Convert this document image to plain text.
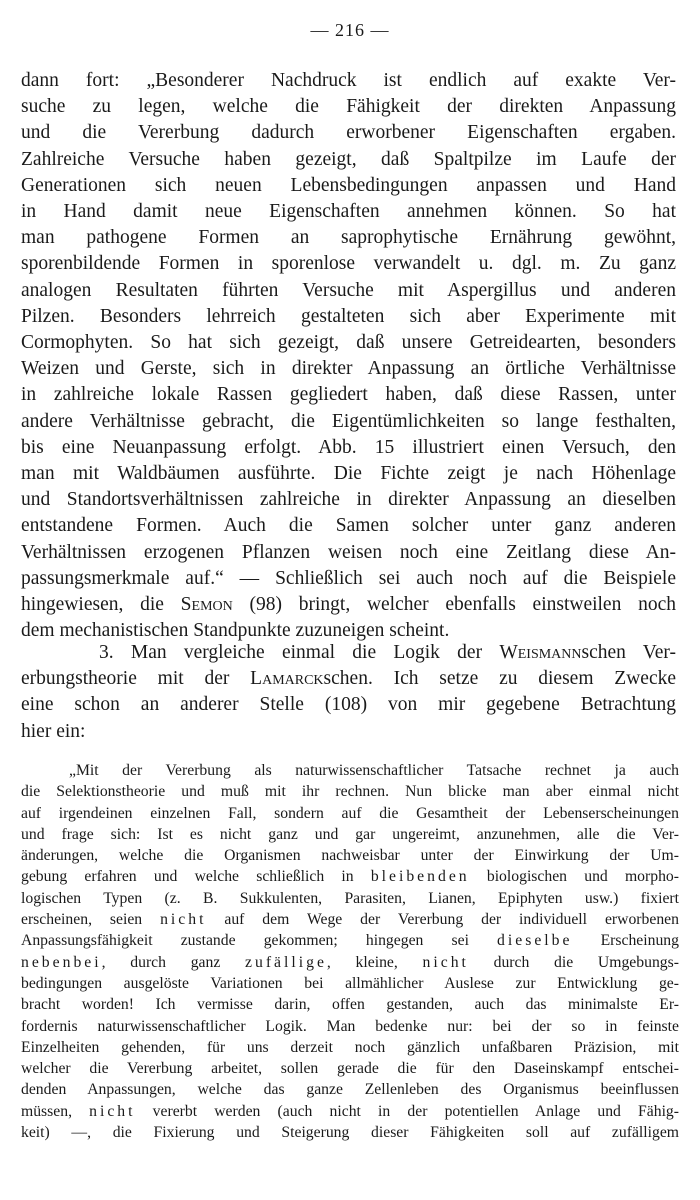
— 216 —
dann fort: „Besonderer Nachdruck ist endlich auf exakte Ver-
suche zu legen, welche die Fähigkeit der direkten Anpassung
und die Vererbung dadurch erworbener Eigenschaften ergaben.
Zahlreiche Versuche haben gezeigt, daß Spaltpilze im Laufe der
Generationen sich neuen Lebensbedingungen anpassen und Hand
in Hand damit neue Eigenschaften annehmen können. So hat
man pathogene Formen an saprophytische Ernährung gewöhnt,
sporenbildende Formen in sporenlose verwandelt u. dgl. m. Zu ganz
analogen Resultaten führten Versuche mit Aspergillus und anderen
Pilzen. Besonders lehrreich gestalteten sich aber Experimente mit
Cormophyten. So hat sich gezeigt, daß unsere Getreidearten, besonders
Weizen und Gerste, sich in direkter Anpassung an örtliche Verhältnisse
in zahlreiche lokale Rassen gegliedert haben, daß diese Rassen, unter
andere Verhältnisse gebracht, die Eigentümlichkeiten so lange festhalten,
bis eine Neuanpassung erfolgt. Abb. 15 illustriert einen Versuch, den
man mit Waldbäumen ausführte. Die Fichte zeigt je nach Höhenlage
und Standortsverhältnissen zahlreiche in direkter Anpassung an dieselben
entstandene Formen. Auch die Samen solcher unter ganz anderen
Verhältnissen erzogenen Pflanzen weisen noch eine Zeitlang diese An-
passungsmerkmale auf.“ — Schließlich sei auch noch auf die Beispiele
hingewiesen, die Semon (98) bringt, welcher ebenfalls einstweilen noch
dem mechanistischen Standpunkte zuzuneigen scheint.
3. Man vergleiche einmal die Logik der Weismannschen Ver-
erbungstheorie mit der Lamarckschen. Ich setze zu diesem Zwecke
eine schon an anderer Stelle (108) von mir gegebene Betrachtung
hier ein:
„Mit der Vererbung als naturwissenschaftlicher Tatsache rechnet ja auch
die Selektionstheorie und muß mit ihr rechnen. Nun blicke man aber einmal nicht
auf irgendeinen einzelnen Fall, sondern auf die Gesamtheit der Lebenserscheinungen
und frage sich: Ist es nicht ganz und gar ungereimt, anzunehmen, alle die Ver-
änderungen, welche die Organismen nachweisbar unter der Einwirkung der Um-
gebung erfahren und welche schließlich in bleibenden biologischen und morpho-
logischen Typen (z. B. Sukkulenten, Parasiten, Lianen, Epiphyten usw.) fixiert
erscheinen, seien nicht auf dem Wege der Vererbung der individuell erworbenen
Anpassungsfähigkeit zustande gekommen; hingegen sei dieselbe Erscheinung
nebenbei, durch ganz zufällige, kleine, nicht durch die Umgebungs-
bedingungen ausgelöste Variationen bei allmählicher Auslese zur Entwicklung ge-
bracht worden! Ich vermisse darin, offen gestanden, auch das minimalste Er-
fordernis naturwissenschaftlicher Logik. Man bedenke nur: bei der so in feinste
Einzelheiten gehenden, für uns derzeit noch gänzlich unfaßbaren Präzision, mit
welcher die Vererbung arbeitet, sollen gerade die für den Daseinskampf entschei-
denden Anpassungen, welche das ganze Zellenleben des Organismus beeinflussen
müssen, nicht vererbt werden (auch nicht in der potentiellen Anlage und Fähig-
keit) —, die Fixierung und Steigerung dieser Fähigkeiten soll auf zufälligem
